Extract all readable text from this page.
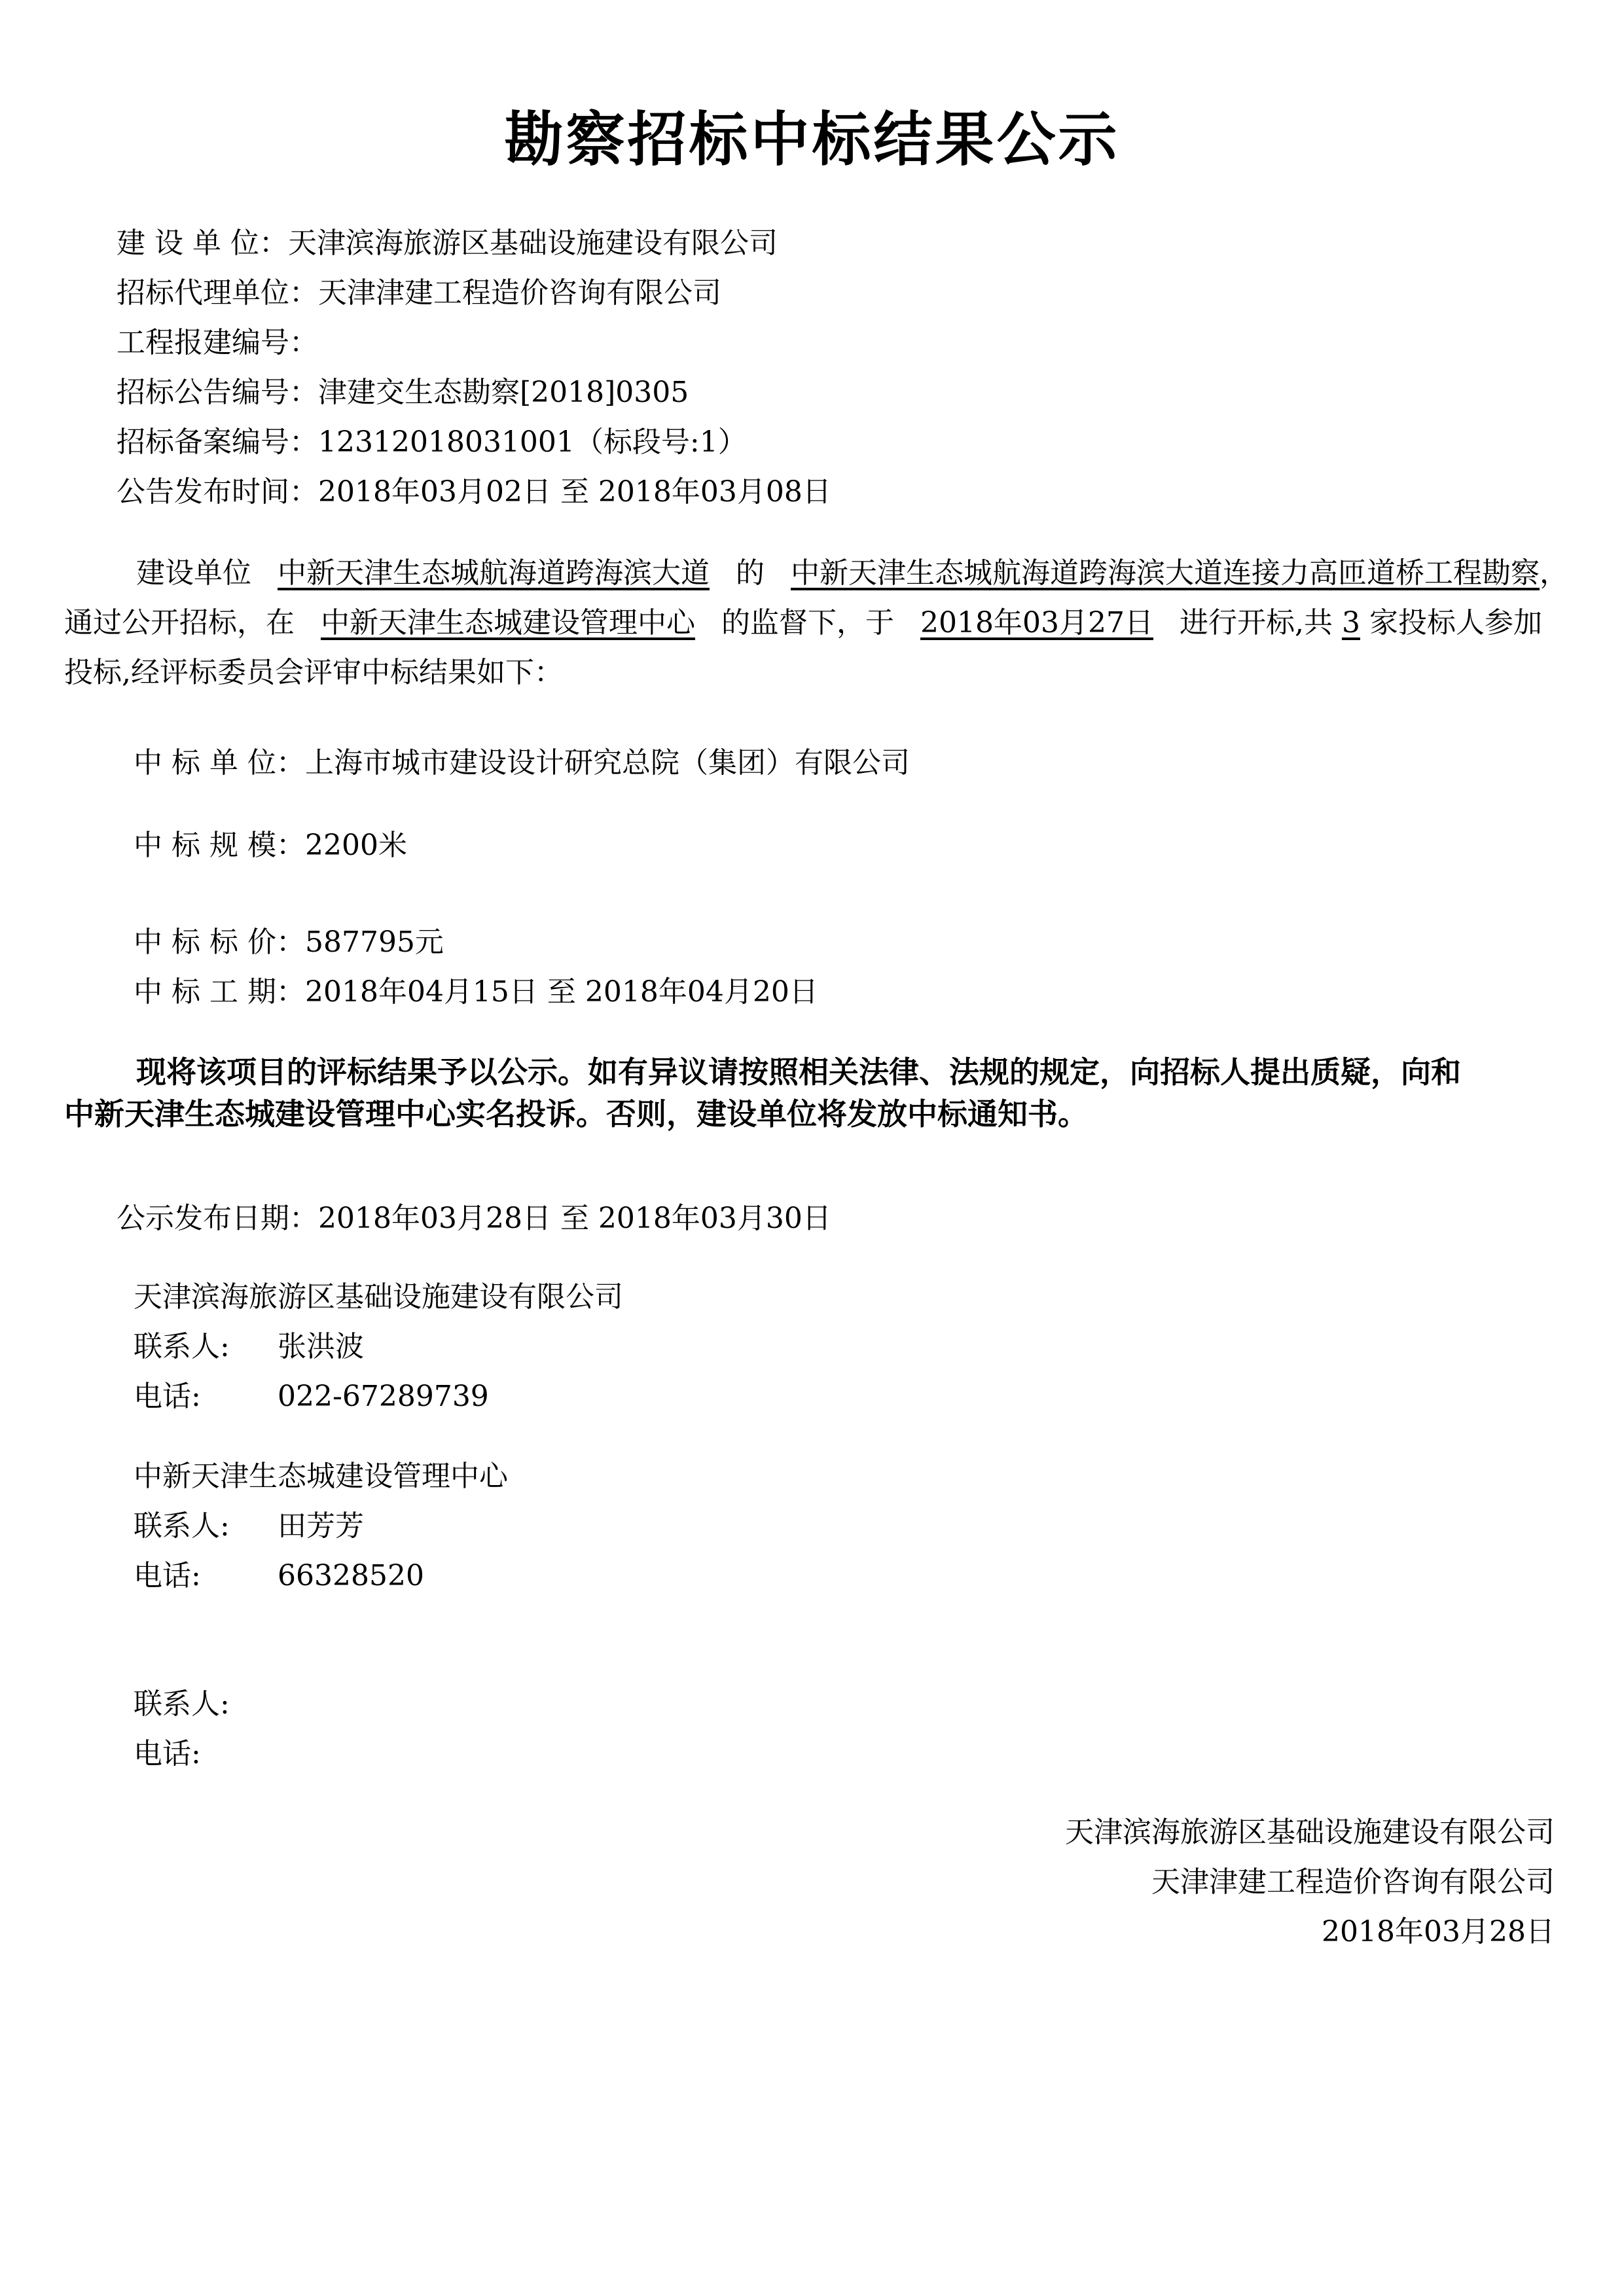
勘察招标中标结果公示
建 设 单 位：天津滨海旅游区基础设施建设有限公司
招标代理单位：天津津建工程造价咨询有限公司
工程报建编号：
招标公告编号：津建交生态勘察[2018]0305
招标备案编号：12312018031001（标段号:1）
公告发布时间：2018年03月02日 至 2018年03月08日
建设单位 中新天津生态城航海道跨海滨大道 的 中新天津生态城航海道跨海滨大道连接力高匝道桥工程勘察，通过公开招标，在 中新天津生态城建设管理中心 的监督下，于 2018年03月27日 进行开标,共 3 家投标人参加投标,经评标委员会评审中标结果如下：
中 标 单 位：上海市城市建设设计研究总院（集团）有限公司
中 标 规 模：2200米
中 标 标 价：587795元
中 标 工 期：2018年04月15日 至 2018年04月20日
现将该项目的评标结果予以公示。如有异议请按照相关法律、法规的规定，向招标人提出质疑，向和中新天津生态城建设管理中心实名投诉。否则，建设单位将发放中标通知书。
公示发布日期：2018年03月28日 至 2018年03月30日
天津滨海旅游区基础设施建设有限公司
联系人: 张洪波
电话:	022-67289739
中新天津生态城建设管理中心
联系人: 田芳芳
电话:	66328520
联系人:
电话:
天津滨海旅游区基础设施建设有限公司
天津津建工程造价咨询有限公司
2018年03月28日
